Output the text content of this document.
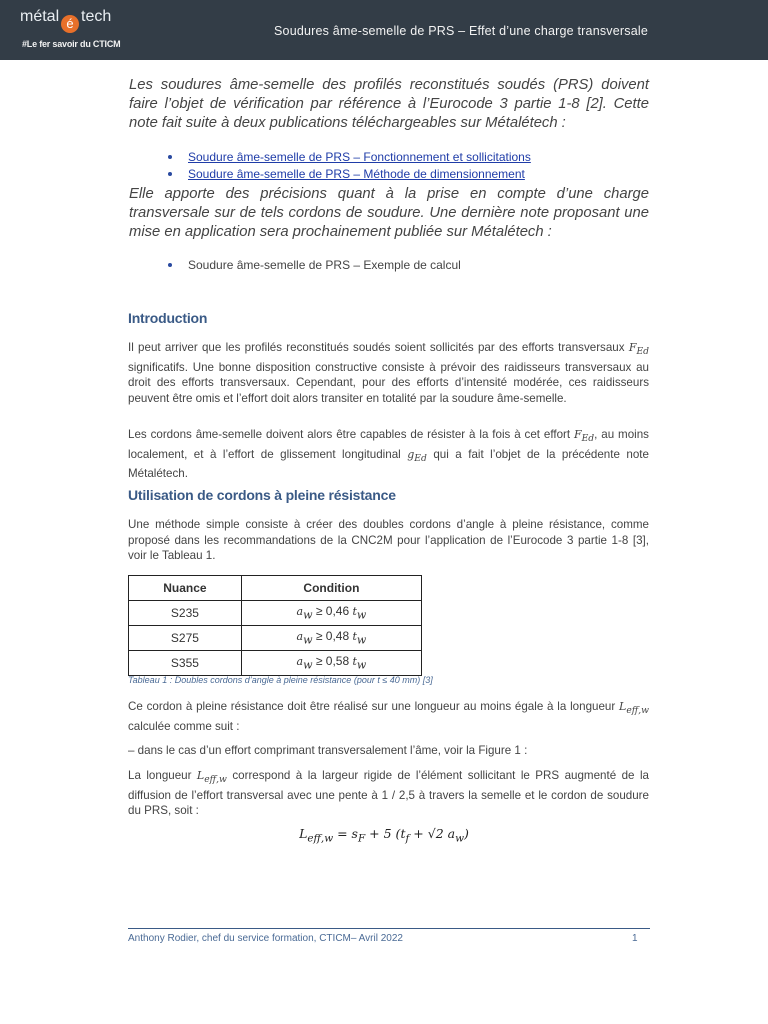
métal é tech
#Le fer savoir du CTICM
Soudures âme-semelle de PRS – Effet d’une charge transversale
Les soudures âme-semelle des profilés reconstitués soudés (PRS) doivent faire l’objet de vérification par référence à l’Eurocode 3 partie 1-8 [2]. Cette note fait suite à deux publications téléchargeables sur Métalétech :
Soudure âme-semelle de PRS – Fonctionnement et sollicitations
Soudure âme-semelle de PRS – Méthode de dimensionnement
Elle apporte des précisions quant à la prise en compte d’une charge transversale sur de tels cordons de soudure. Une dernière note proposant une mise en application sera prochainement publiée sur Métalétech :
Soudure âme-semelle de PRS – Exemple de calcul
Introduction
Il peut arriver que les profilés reconstitués soudés soient sollicités par des efforts transversaux $F_{Ed}$ significatifs. Une bonne disposition constructive consiste à prévoir des raidisseurs transversaux au droit des efforts transversaux. Cependant, pour des efforts d’intensité modérée, ces raidisseurs peuvent être omis et l’effort doit alors transiter en totalité par la soudure âme-semelle.
Les cordons âme-semelle doivent alors être capables de résister à la fois à cet effort $F_{Ed}$, au moins localement, et à l’effort de glissement longitudinal $g_{Ed}$ qui a fait l’objet de la précédente note Métalétech.
Utilisation de cordons à pleine résistance
Une méthode simple consiste à créer des doubles cordons d’angle à pleine résistance, comme proposé dans les recommandations de la CNC2M pour l’application de l’Eurocode 3 partie 1-8 [3], voir le Tableau 1.
Nuance	Condition
S235	$a_w \ge 0,46$ $t_w$
S275	$a_w \ge 0,48$ $t_w$
S355	$a_w \ge 0,58$ $t_w$
Tableau 1 : Doubles cordons d’angle à pleine résistance (pour t ≤ 40 mm) [3]
Ce cordon à pleine résistance doit être réalisé sur une longueur au moins égale à la longueur $L_{eff,w}$ calculée comme suit :
– dans le cas d’un effort comprimant transversalement l’âme, voir la Figure 1 :
La longueur $L_{eff,w}$ correspond à la largeur rigide de l’élément sollicitant le PRS augmenté de la diffusion de l’effort transversal avec une pente à 1 / 2,5 à travers la semelle et le cordon de soudure du PRS, soit :
$L_{eff,w} = s_F + 5$ ($t_f + √2$ $a_w$)
Anthony Rodier, chef du service formation, CTICM– Avril 2022	1
